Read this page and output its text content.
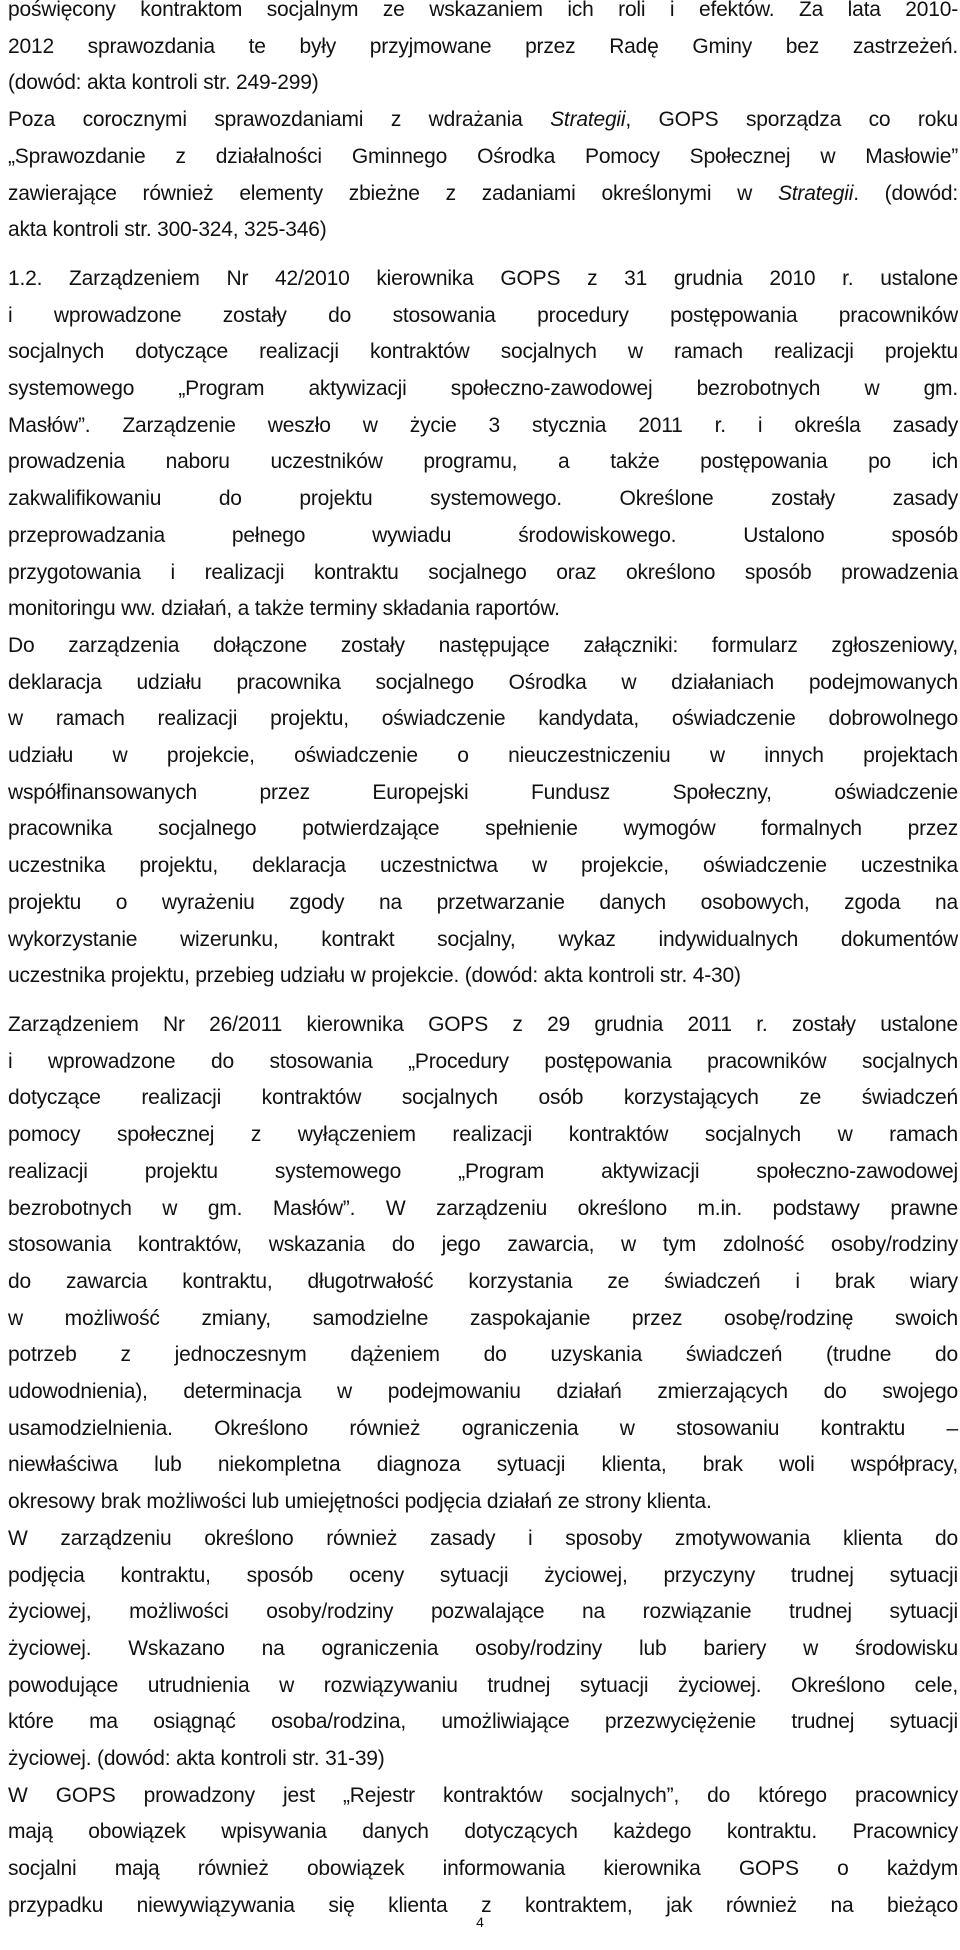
poświęcony kontraktom socjalnym ze wskazaniem ich roli i efektów. Za lata 2010-
2012 sprawozdania te były przyjmowane przez Radę Gminy bez zastrzeżeń.
(dowód: akta kontroli str. 249-299)

Poza corocznymi sprawozdaniami z wdrażania Strategii, GOPS sporządza co roku
„Sprawozdanie z działalności Gminnego Ośrodka Pomocy Społecznej w Masłowie”
zawierające również elementy zbieżne z zadaniami określonymi w Strategii. (dowód:
akta kontroli str. 300-324, 325-346)

1.2. Zarządzeniem Nr 42/2010 kierownika GOPS z 31 grudnia 2010 r. ustalone
i wprowadzone zostały do stosowania procedury postępowania pracowników
socjalnych dotyczące realizacji kontraktów socjalnych w ramach realizacji projektu
systemowego „Program aktywizacji społeczno-zawodowej bezrobotnych w gm.
Masłów”. Zarządzenie weszło w życie 3 stycznia 2011 r. i określa zasady
prowadzenia naboru uczestników programu, a także postępowania po ich
zakwalifikowaniu do projektu systemowego. Określone zostały zasady
przeprowadzania pełnego wywiadu środowiskowego. Ustalono sposób
przygotowania i realizacji kontraktu socjalnego oraz określono sposób prowadzenia
monitoringu ww. działań, a także terminy składania raportów.

Do zarządzenia dołączone zostały następujące załączniki: formularz zgłoszeniowy,
deklaracja udziału pracownika socjalnego Ośrodka w działaniach podejmowanych
w ramach realizacji projektu, oświadczenie kandydata, oświadczenie dobrowolnego
udziału w projekcie, oświadczenie o nieuczestniczeniu w innych projektach
współfinansowanych przez Europejski Fundusz Społeczny, oświadczenie
pracownika socjalnego potwierdzające spełnienie wymogów formalnych przez
uczestnika projektu, deklaracja uczestnictwa w projekcie, oświadczenie uczestnika
projektu o wyrażeniu zgody na przetwarzanie danych osobowych, zgoda na
wykorzystanie wizerunku, kontrakt socjalny, wykaz indywidualnych dokumentów
uczestnika projektu, przebieg udziału w projekcie. (dowód: akta kontroli str. 4-30)

Zarządzeniem Nr 26/2011 kierownika GOPS z 29 grudnia 2011 r. zostały ustalone
i wprowadzone do stosowania „Procedury postępowania pracowników socjalnych
dotyczące realizacji kontraktów socjalnych osób korzystających ze świadczeń
pomocy społecznej z wyłączeniem realizacji kontraktów socjalnych w ramach
realizacji projektu systemowego „Program aktywizacji społeczno-zawodowej
bezrobotnych w gm. Masłów”. W zarządzeniu określono m.in. podstawy prawne
stosowania kontraktów, wskazania do jego zawarcia, w tym zdolność osoby/rodziny
do zawarcia kontraktu, długotrwałość korzystania ze świadczeń i brak wiary
w możliwość zmiany, samodzielne zaspokajanie przez osobę/rodzinę swoich
potrzeb z jednoczesnym dążeniem do uzyskania świadczeń (trudne do
udowodnienia), determinacja w podejmowaniu działań zmierzających do swojego
usamodzielnienia. Określono również ograniczenia w stosowaniu kontraktu –
niewłaściwa lub niekompletna diagnoza sytuacji klienta, brak woli współpracy,
okresowy brak możliwości lub umiejętności podjęcia działań ze strony klienta.

W zarządzeniu określono również zasady i sposoby zmotywowania klienta do
podjęcia kontraktu, sposób oceny sytuacji życiowej, przyczyny trudnej sytuacji
życiowej, możliwości osoby/rodziny pozwalające na rozwiązanie trudnej sytuacji
życiowej. Wskazano na ograniczenia osoby/rodziny lub bariery w środowisku
powodujące utrudnienia w rozwiązywaniu trudnej sytuacji życiowej. Określono cele,
które ma osiągnąć osoba/rodzina, umożliwiające przezwyciężenie trudnej sytuacji
życiowej. (dowód: akta kontroli str. 31-39)

W GOPS prowadzony jest „Rejestr kontraktów socjalnych”, do którego pracownicy
mają obowiązek wpisywania danych dotyczących każdego kontraktu. Pracownicy
socjalni mają również obowiązek informowania kierownika GOPS o każdym
przypadku niewywiązywania się klienta z kontraktem, jak również na bieżąco

4
